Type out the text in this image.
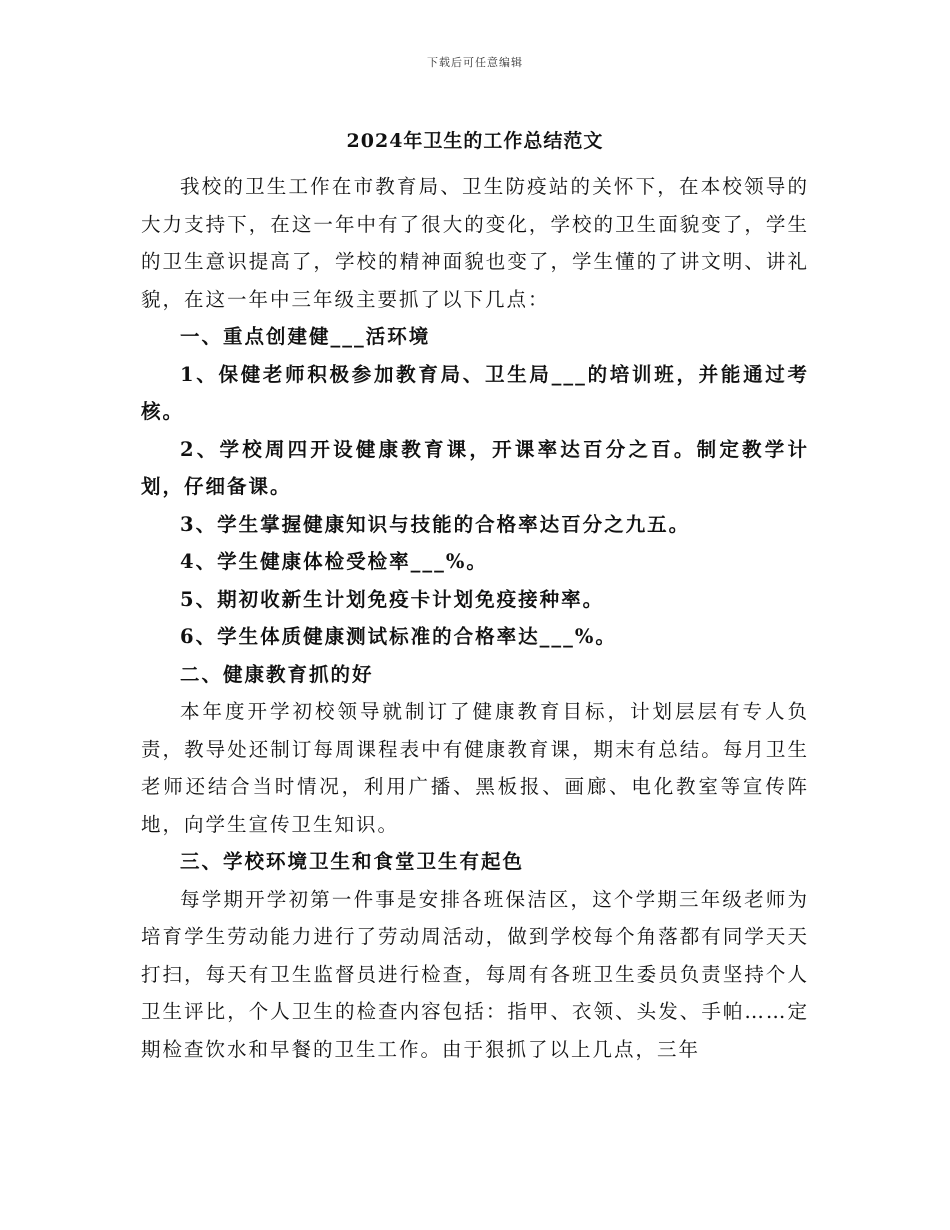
下载后可任意编辑
2024年卫生的工作总结范文

我校的卫生工作在市教育局、卫生防疫站的关怀下，在本校领导的大力支持下，在这一年中有了很大的变化，学校的卫生面貌变了，学生的卫生意识提高了，学校的精神面貌也变了，学生懂的了讲文明、讲礼貌，在这一年中三年级主要抓了以下几点：

一、重点创建健___活环境

1、保健老师积极参加教育局、卫生局___的培训班，并能通过考核。

2、学校周四开设健康教育课，开课率达百分之百。制定教学计划，仔细备课。

3、学生掌握健康知识与技能的合格率达百分之九五。

4、学生健康体检受检率___%。

5、期初收新生计划免疫卡计划免疫接种率。

6、学生体质健康测试标准的合格率达___%。

二、健康教育抓的好

本年度开学初校领导就制订了健康教育目标，计划层层有专人负责，教导处还制订每周课程表中有健康教育课，期末有总结。每月卫生老师还结合当时情况，利用广播、黑板报、画廊、电化教室等宣传阵地，向学生宣传卫生知识。

三、学校环境卫生和食堂卫生有起色

每学期开学初第一件事是安排各班保洁区，这个学期三年级老师为培育学生劳动能力进行了劳动周活动，做到学校每个角落都有同学天天打扫，每天有卫生监督员进行检查，每周有各班卫生委员负责坚持个人卫生评比，个人卫生的检查内容包括：指甲、衣领、头发、手帕……定期检查饮水和早餐的卫生工作。由于狠抓了以上几点，三年
